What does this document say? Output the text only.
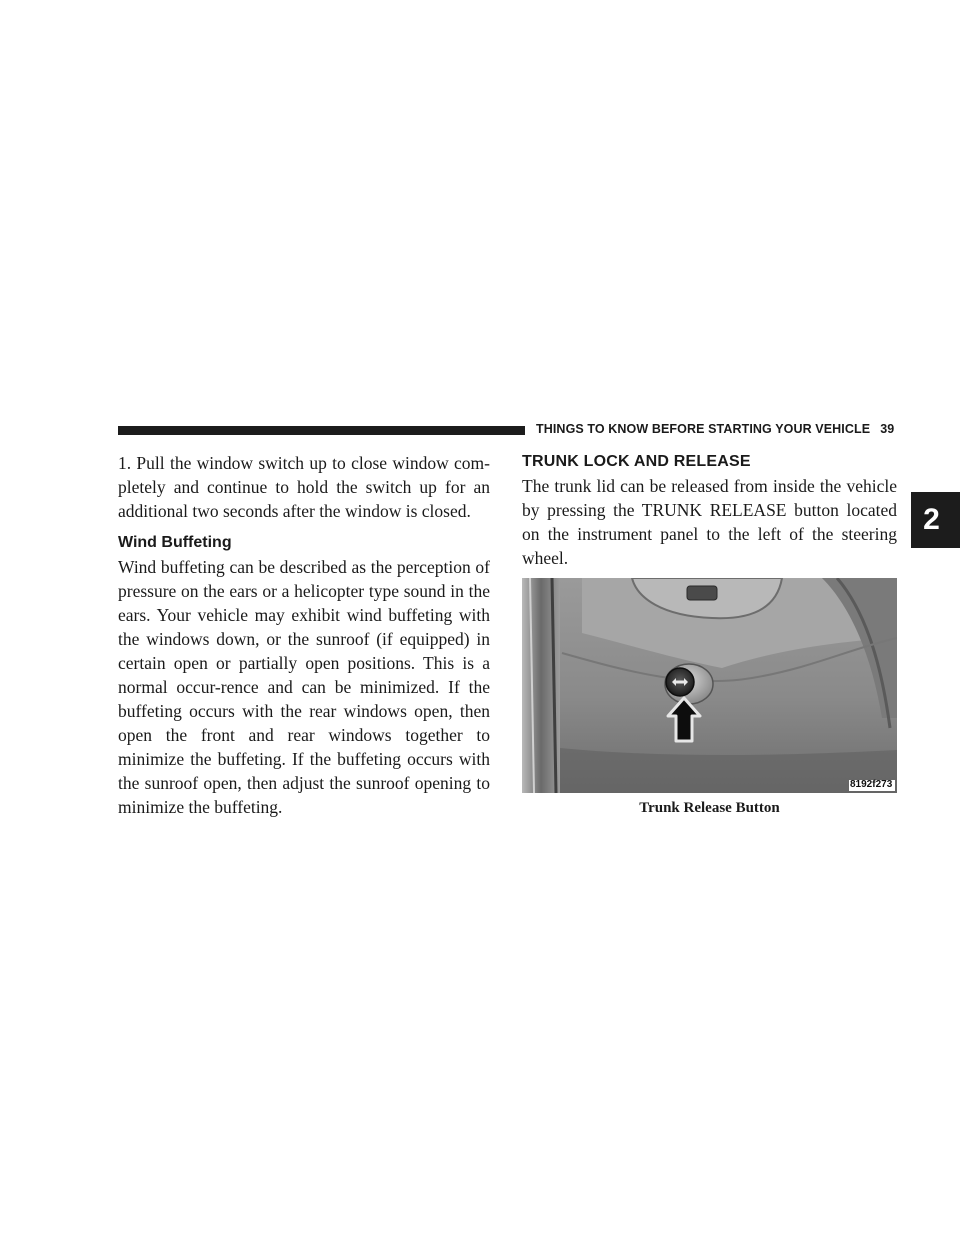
THINGS TO KNOW BEFORE STARTING YOUR VEHICLE 39
2

1. Pull the window switch up to close window com-pletely and continue to hold the switch up for an additional two seconds after the window is closed.

Wind Buffeting

Wind buffeting can be described as the perception of pressure on the ears or a helicopter type sound in the ears. Your vehicle may exhibit wind buffeting with the windows down, or the sunroof (if equipped) in certain open or partially open positions. This is a normal occur-rence and can be minimized. If the buffeting occurs with the rear windows open, then open the front and rear windows together to minimize the buffeting. If the buffeting occurs with the sunroof open, then adjust the sunroof opening to minimize the buffeting.

TRUNK LOCK AND RELEASE

The trunk lid can be released from inside the vehicle by pressing the TRUNK RELEASE button located on the instrument panel to the left of the steering wheel.

8192f273
Trunk Release Button
